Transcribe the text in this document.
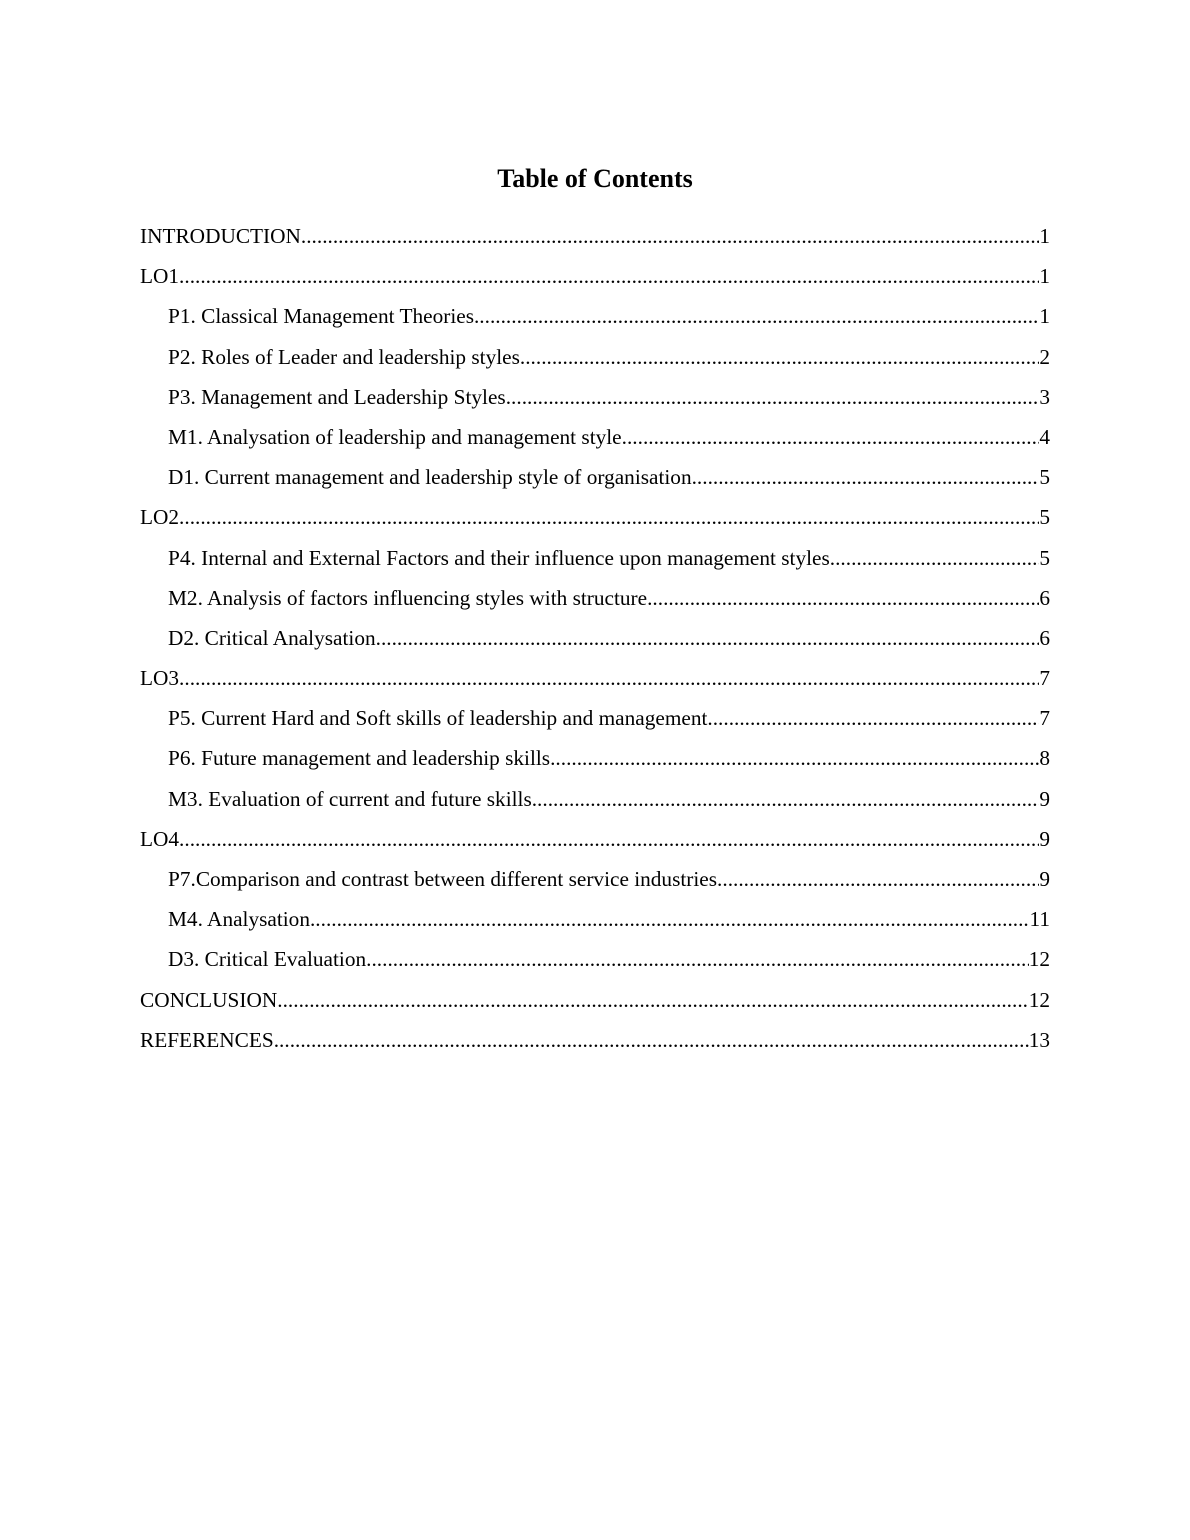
Table of Contents
INTRODUCTION .....	1
LO1 .....	1
P1. Classical Management Theories .....	1
P2. Roles of Leader and leadership styles .....	2
P3. Management and Leadership Styles .....	3
M1. Analysation of leadership and management style .....	4
D1. Current management and leadership style of organisation .....	5
LO2 .....	5
P4. Internal and External Factors and their influence upon management styles .....	5
M2. Analysis of factors influencing styles with structure .....	6
D2. Critical Analysation .....	6
LO3 .....	7
P5. Current Hard and Soft skills of leadership and management .....	7
P6. Future management and leadership skills .....	8
M3. Evaluation of current and future skills .....	9
LO4 .....	9
P7.Comparison and contrast between different service industries .....	9
M4. Analysation .....	11
D3. Critical Evaluation .....	12
CONCLUSION .....	12
REFERENCES .....	13
